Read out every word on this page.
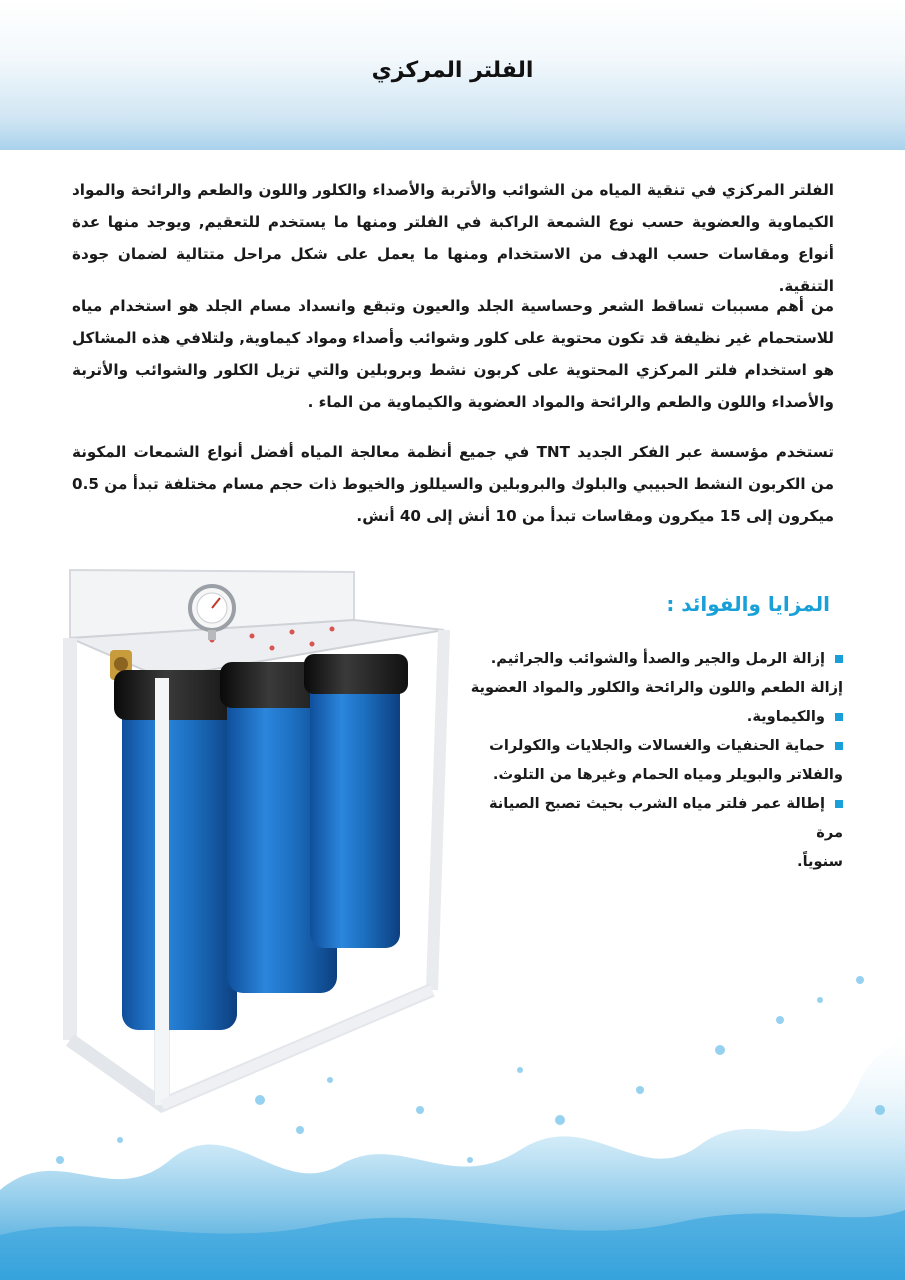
الفلتر المركزي

الفلتر المركزي في تنقية المياه من الشوائب والأتربة والأصداء والكلور واللون والطعم والرائحة والمواد الكيماوية والعضوية حسب نوع الشمعة الراكبة في الفلتر ومنها ما يستخدم للتعقيم, ويوجد منها عدة أنواع ومقاسات حسب الهدف من الاستخدام ومنها ما يعمل على شكل مراحل متتالية لضمان جودة التنقية.

من أهم مسببات تساقط الشعر وحساسية الجلد والعيون وتبقع وانسداد مسام الجلد هو استخدام مياه للاستحمام غير نظيفة قد تكون محتوية على كلور وشوائب وأصداء ومواد كيماوية, ولتلافي هذه المشاكل هو استخدام فلتر المركزي المحتوية على كربون نشط وبروبلين والتي تزيل الكلور والشوائب والأتربة والأصداء واللون والطعم والرائحة والمواد العضوية والكيماوية من الماء .

تستخدم مؤسسة عبر الفكر الجديد TNT في جميع أنظمة معالجة المياه أفضل أنواع الشمعات المكونة من الكربون النشط الحبيبي والبلوك والبروبلين والسيللوز والخيوط ذات حجم مسام مختلفة تبدأ من 0.5 ميكرون إلى 15 ميكرون ومقاسات تبدأ من 10 أنش إلى 40 أنش.

المزايا والفوائد :
إزالة الرمل والجير والصدأ والشوائب والجراثيم.
إزالة الطعم واللون والرائحة والكلور والمواد العضوية
والكيماوية.
حماية الحنفيات والغسالات والجلايات والكولرات
والفلاتر والبويلر ومياه الحمام وغيرها من التلوث.
إطالة عمر فلتر مياه الشرب بحيث تصبح الصيانة مرة
سنوياً.
